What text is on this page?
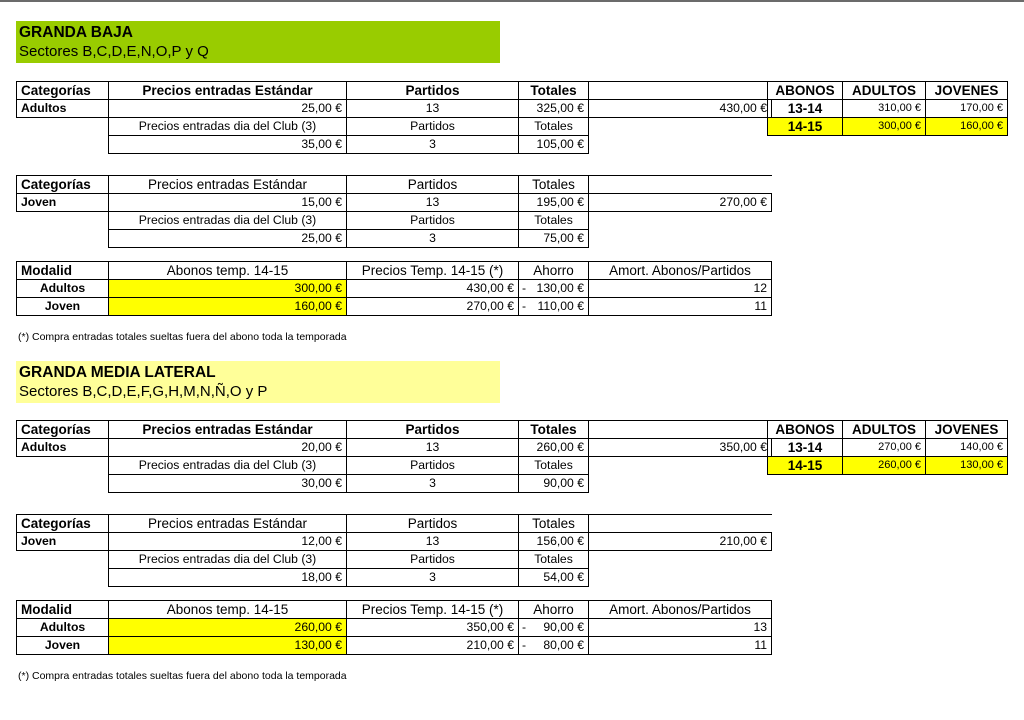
GRANDA BAJA
Sectores B,C,D,E,N,O,P y Q
Categorías	Precios entradas Estándar	Partidos	Totales	
Adultos	25,00 €	13	325,00 €	430,00 €
	Precios entradas dia del Club (3)	Partidos	Totales	
	35,00 €	3	105,00 €	
Categorías	Precios entradas Estándar	Partidos	Totales	
Joven	15,00 €	13	195,00 €	270,00 €
	Precios entradas dia del Club (3)	Partidos	Totales	
	25,00 €	3	75,00 €	
Modalid	Abonos temp. 14-15	Precios Temp. 14-15 (*)	Ahorro	Amort. Abonos/Partidos
Adultos	300,00 €	430,00 €	- 130,00 €	12
Joven	160,00 €	270,00 €	- 110,00 €	11
(*) Compra entradas totales sueltas fuera del abono toda la temporada
ABONOS	ADULTOS	JOVENES
13-14	310,00 €	170,00 €
14-15	300,00 €	160,00 €
GRANDA MEDIA LATERAL
Sectores B,C,D,E,F,G,H,M,N,Ñ,O y P
Categorías	Precios entradas Estándar	Partidos	Totales	
Adultos	20,00 €	13	260,00 €	350,00 €
	Precios entradas dia del Club (3)	Partidos	Totales	
	30,00 €	3	90,00 €	
Categorías	Precios entradas Estándar	Partidos	Totales	
Joven	12,00 €	13	156,00 €	210,00 €
	Precios entradas dia del Club (3)	Partidos	Totales	
	18,00 €	3	54,00 €	
Modalid	Abonos temp. 14-15	Precios Temp. 14-15 (*)	Ahorro	Amort. Abonos/Partidos
Adultos	260,00 €	350,00 €	- 90,00 €	13
Joven	130,00 €	210,00 €	- 80,00 €	11
(*) Compra entradas totales sueltas fuera del abono toda la temporada
ABONOS	ADULTOS	JOVENES
13-14	270,00 €	140,00 €
14-15	260,00 €	130,00 €
